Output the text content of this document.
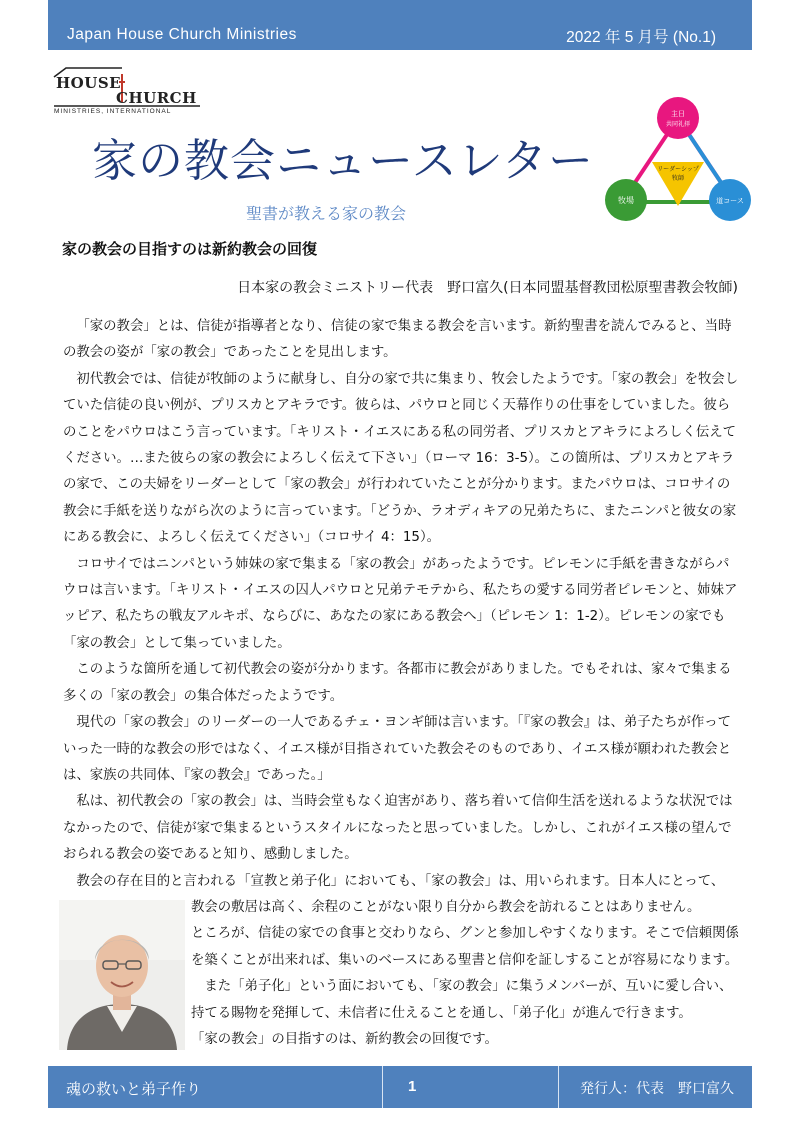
Japan House Church Ministries	2022 年 5 月号 (No.1)
HOUSE
CHURCH
MINISTRIES, INTERNATIONAL
家の教会ニュースレター
聖書が教える家の教会
主日
共同礼拝
牧場	道コース
リーダーシップ
牧師
家の教会の目指すのは新約教会の回復
日本家の教会ミニストリー代表　野口富久(日本同盟基督教団松原聖書教会牧師)

「家の教会」とは、信徒が指導者となり、信徒の家で集まる教会を言います。新約聖書を読んでみると、当時の教会の姿が「家の教会」であったことを見出します。

初代教会では、信徒が牧師のように献身し、自分の家で共に集まり、牧会したようです。「家の教会」を牧会していた信徒の良い例が、プリスカとアキラです。彼らは、パウロと同じく天幕作りの仕事をしていました。彼らのことをパウロはこう言っています。「キリスト・イエスにある私の同労者、プリスカとアキラによろしく伝えてください。…また彼らの家の教会によろしく伝えて下さい」（ローマ 16：3-5）。この箇所は、プリスカとアキラの家で、この夫婦をリーダーとして「家の教会」が行われていたことが分かります。またパウロは、コロサイの教会に手紙を送りながら次のように言っています。「どうか、ラオディキアの兄弟たちに、またニンパと彼女の家にある教会に、よろしく伝えてください」（コロサイ 4：15）。

コロサイではニンパという姉妹の家で集まる「家の教会」があったようです。ピレモンに手紙を書きながらパウロは言います。「キリスト・イエスの囚人パウロと兄弟テモテから、私たちの愛する同労者ピレモンと、姉妹アッピア、私たちの戦友アルキポ、ならびに、あなたの家にある教会へ」（ピレモン 1：1-2）。ピレモンの家でも「家の教会」として集っていました。

このような箇所を通して初代教会の姿が分かります。各都市に教会がありました。でもそれは、家々で集まる多くの「家の教会」の集合体だったようです。

現代の「家の教会」のリーダーの一人であるチェ・ヨンギ師は言います。「『家の教会』は、弟子たちが作っていった一時的な教会の形ではなく、イエス様が目指されていた教会そのものであり、イエス様が願われた教会とは、家族の共同体、『家の教会』であった。」

私は、初代教会の「家の教会」は、当時会堂もなく迫害があり、落ち着いて信仰生活を送れるような状況ではなかったので、信徒が家で集まるというスタイルになったと思っていました。しかし、これがイエス様の望んでおられる教会の姿であると知り、感動しました。

教会の存在目的と言われる「宣教と弟子化」においても、「家の教会」は、用いられます。日本人にとって、

教会の敷居は高く、余程のことがない限り自分から教会を訪れることはありません。

ところが、信徒の家での食事と交わりなら、グンと参加しやすくなります。そこで信頼関係を築くことが出来れば、集いのベースにある聖書と信仰を証しすることが容易になります。

また「弟子化」という面においても、「家の教会」に集うメンバーが、互いに愛し合い、持てる賜物を発揮して、未信者に仕えることを通し、「弟子化」が進んで行きます。

「家の教会」の目指すのは、新約教会の回復です。

魂の救いと弟子作り	1	発行人：代表　野口富久
